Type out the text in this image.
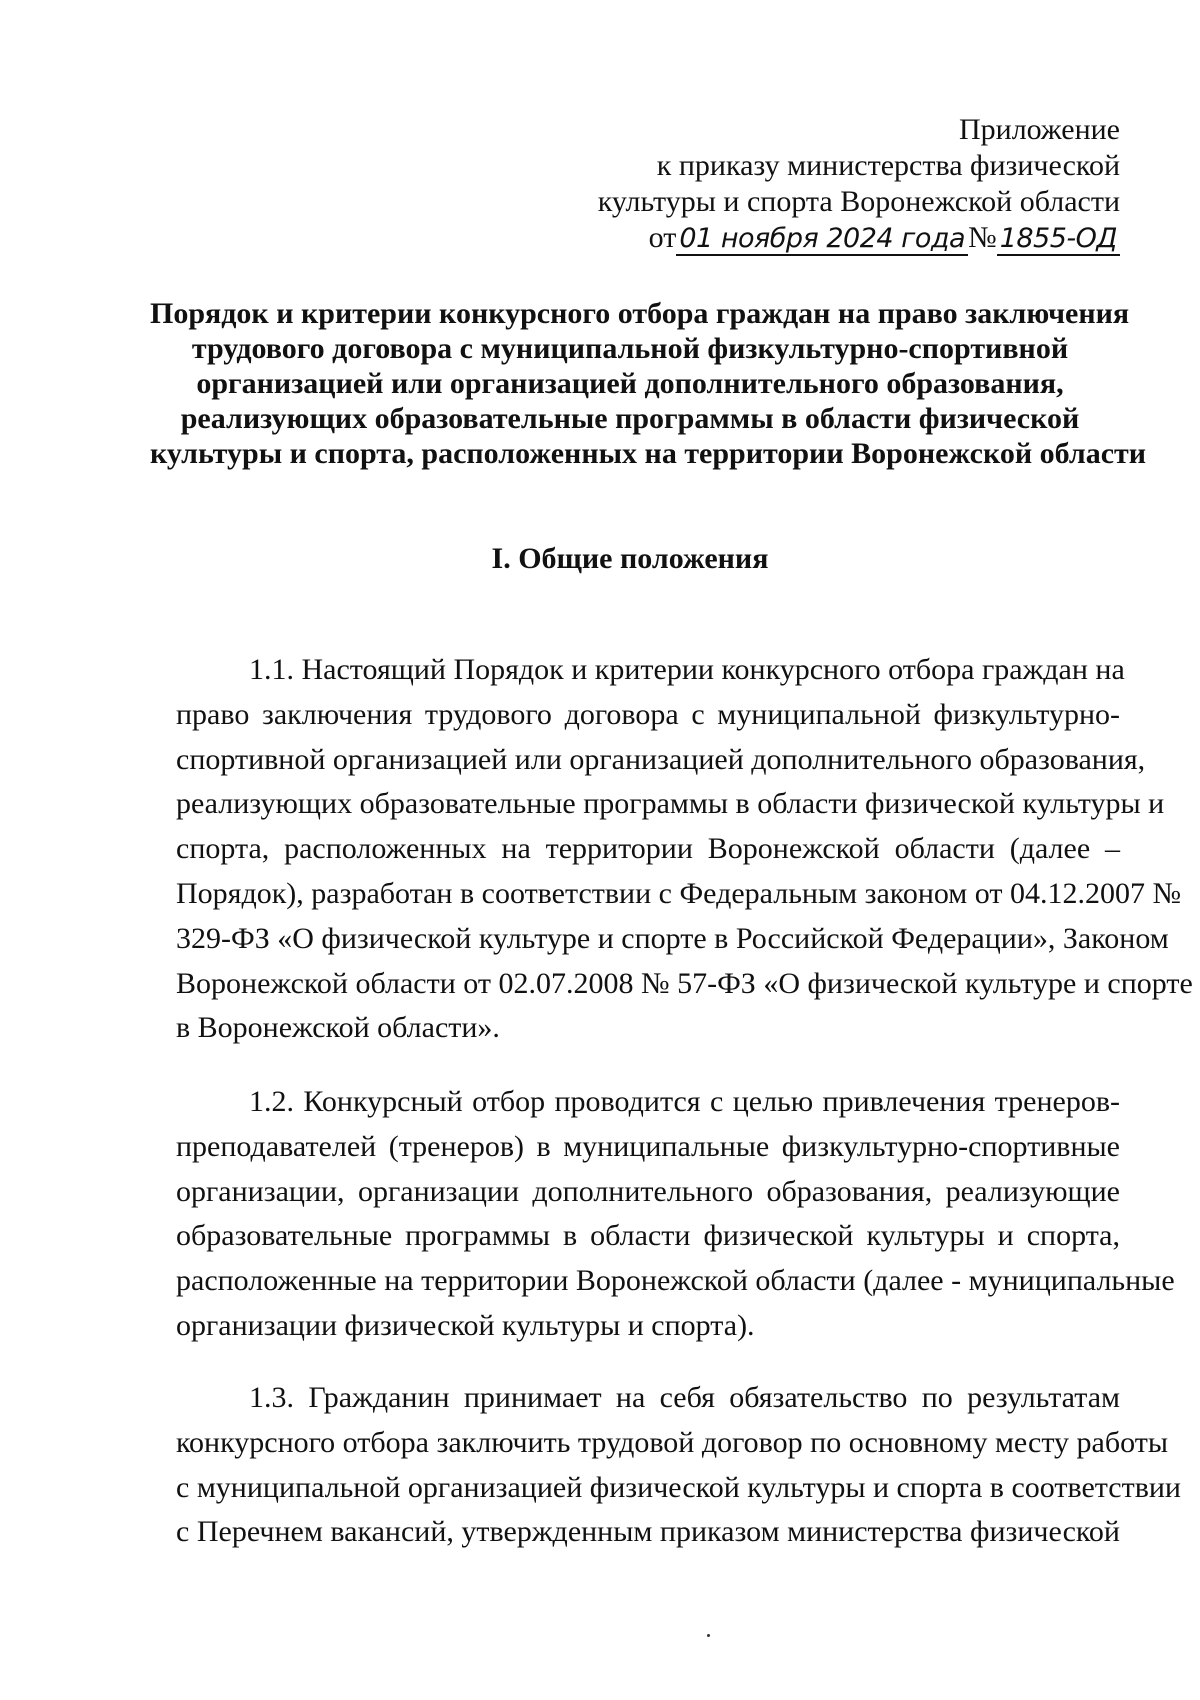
Приложение
к приказу министерства физической
культуры и спорта Воронежской области
от 01 ноября 2024 года № 1855-ОД
Порядок и критерии конкурсного отбора граждан на право заключения
трудового договора с муниципальной физкультурно-спортивной
организацией или организацией дополнительного образования,
реализующих образовательные программы в области физической
культуры и спорта, расположенных на территории Воронежской области
I. Общие положения
1.1. Настоящий Порядок и критерии конкурсного отбора граждан на
право заключения трудового договора с муниципальной физкультурно-
спортивной организацией или организацией дополнительного образования,
реализующих образовательные программы в области физической культуры и
спорта, расположенных на территории Воронежской области (далее –
Порядок), разработан в соответствии с Федеральным законом от 04.12.2007 №
329-ФЗ «О физической культуре и спорте в Российской Федерации», Законом
Воронежской области от 02.07.2008 № 57-ФЗ «О физической культуре и спорте
в Воронежской области».
1.2. Конкурсный отбор проводится с целью привлечения тренеров-
преподавателей (тренеров) в муниципальные физкультурно-спортивные
организации, организации дополнительного образования, реализующие
образовательные программы в области физической культуры и спорта,
расположенные на территории Воронежской области (далее - муниципальные
организации физической культуры и спорта).
1.3. Гражданин принимает на себя обязательство по результатам
конкурсного отбора заключить трудовой договор по основному месту работы
с муниципальной организацией физической культуры и спорта в соответствии
с Перечнем вакансий, утвержденным приказом министерства физической
